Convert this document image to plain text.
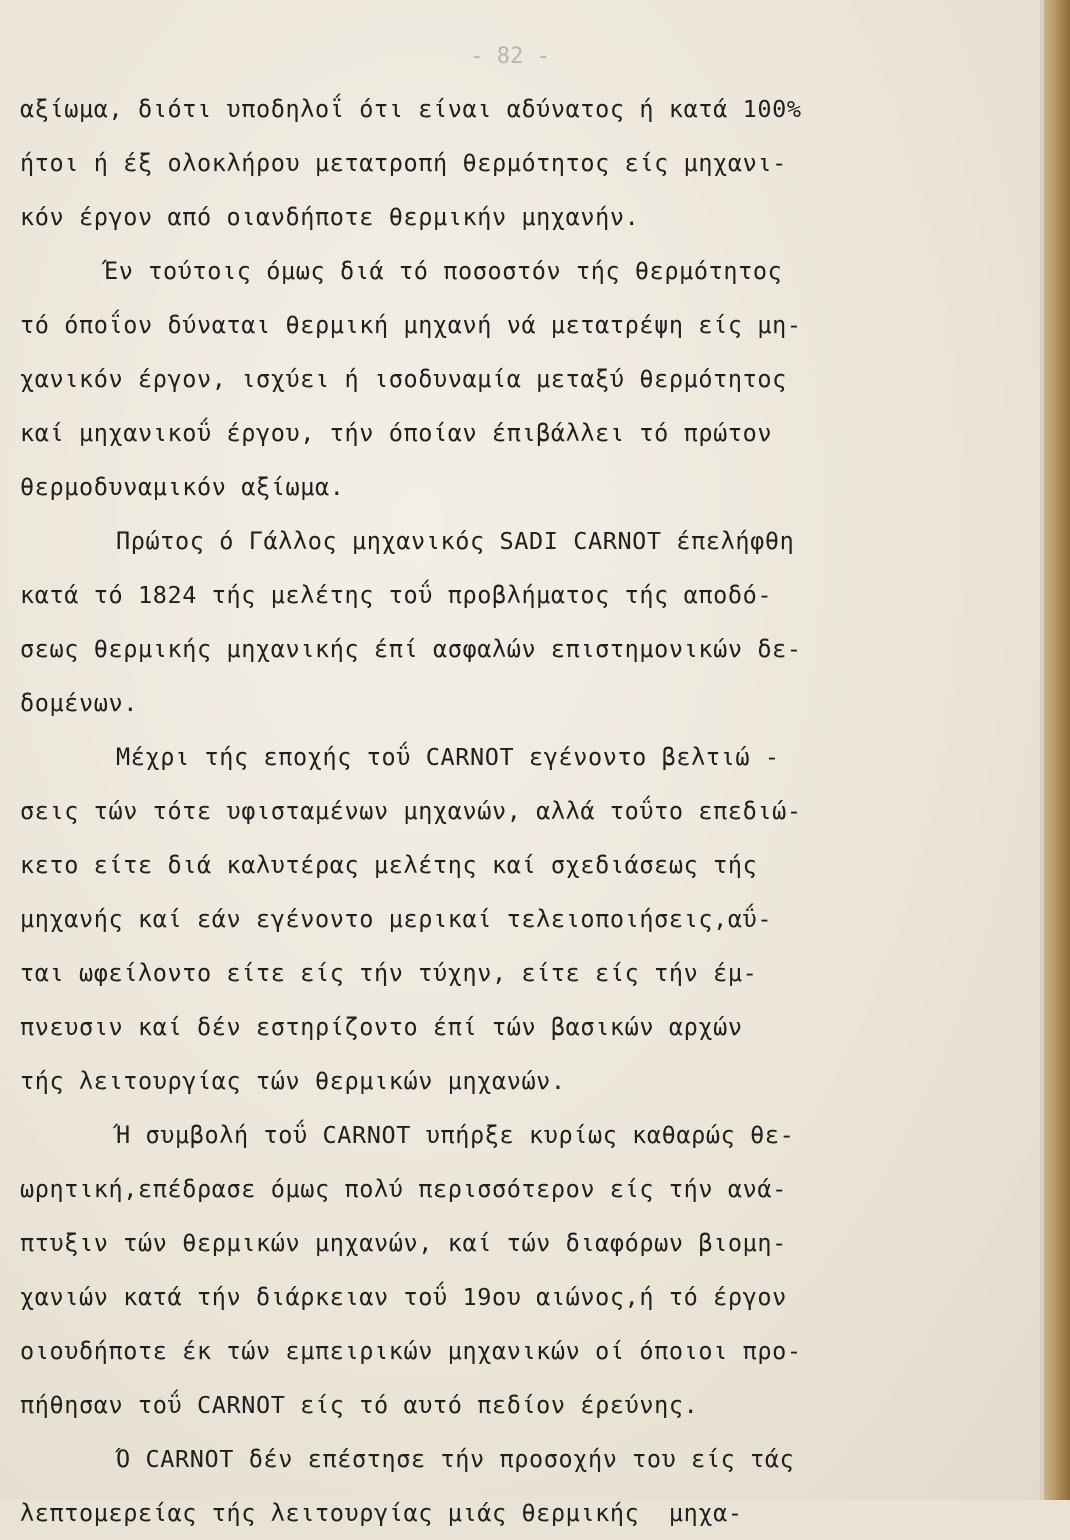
- 82 -
αξίωμα, διότι υποδηλοΐ ότι είναι αδύνατος ή κατά 100%
ήτοι ή έξ ολοκλήρου μετατροπή θερμότητος είς μηχανι-
κόν έργον από οιανδήποτε θερμικήν μηχανήν.
Έν τούτοις όμως διά τό ποσοστόν τής θερμότητος
τό όποΐον δύναται θερμική μηχανή νά μετατρέψη είς μη-
χανικόν έργον, ισχύει ή ισοδυναμία μεταξύ θερμότητος
καί μηχανικοΰ έργου, τήν όποίαν έπιβάλλει τό πρώτον
θερμοδυναμικόν αξίωμα.
Πρώτος ό Γάλλος μηχανικός SADI CARNOT έπελήφθη
κατά τό 1824 τής μελέτης τοΰ προβλήματος τής αποδό-
σεως θερμικής μηχανικής έπί ασφαλών επιστημονικών δε-
δομένων.
Μέχρι τής εποχής τοΰ CARNOT εγένοντο βελτιώ -
σεις τών τότε υφισταμένων μηχανών, αλλά τοΰτο επεδιώ-
κετο είτε διά καλυτέρας μελέτης καί σχεδιάσεως τής
μηχανής καί εάν εγένοντο μερικαί τελειοποιήσεις,αΰ-
ται ωφείλοντο είτε είς τήν τύχην, είτε είς τήν έμ-
πνευσιν καί δέν εστηρίζοντο έπί τών βασικών αρχών
τής λειτουργίας τών θερμικών μηχανών.
Ή συμβολή τοΰ CARNOT υπήρξε κυρίως καθαρώς θε-
ωρητική,επέδρασε όμως πολύ περισσότερον είς τήν ανά-
πτυξιν τών θερμικών μηχανών, καί τών διαφόρων βιομη-
χανιών κατά τήν διάρκειαν τοΰ 19ου αιώνος,ή τό έργον
οιουδήποτε έκ τών εμπειρικών μηχανικών οί όποιοι προ-
πήθησαν τοΰ CARNOT είς τό αυτό πεδίον έρεύνης.
Ό CARNOT δέν επέστησε τήν προσοχήν του είς τάς
λεπτομερείας τής λειτουργίας μιάς θερμικής  μηχα-
